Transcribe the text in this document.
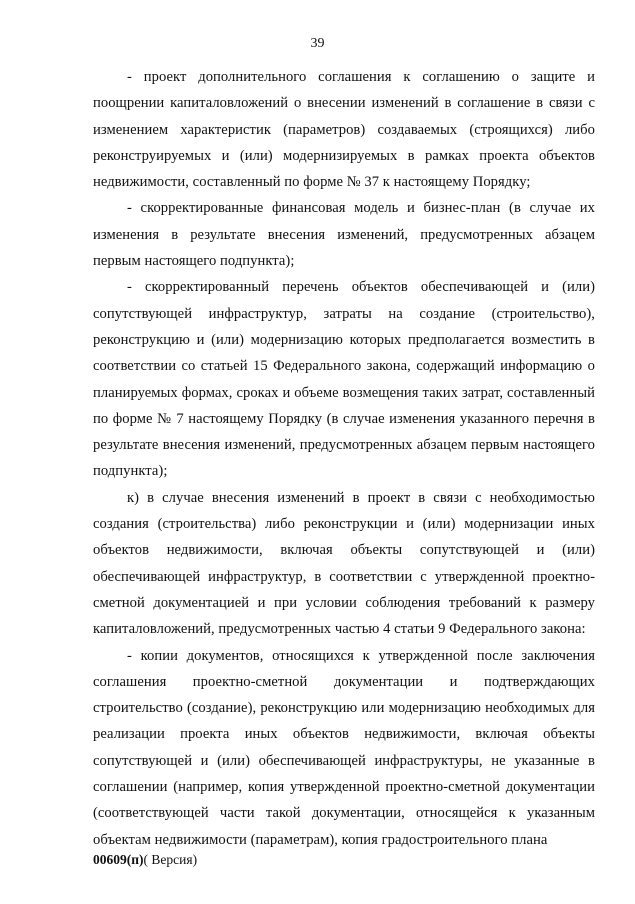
39

- проект дополнительного соглашения к соглашению о защите и поощрении капиталовложений о внесении изменений в соглашение в связи с изменением характеристик (параметров) создаваемых (строящихся) либо реконструируемых и (или) модернизируемых в рамках проекта объектов недвижимости, составленный по форме № 37 к настоящему Порядку;

- скорректированные финансовая модель и бизнес-план (в случае их изменения в результате внесения изменений, предусмотренных абзацем первым настоящего подпункта);

- скорректированный перечень объектов обеспечивающей и (или) сопутствующей инфраструктур, затраты на создание (строительство), реконструкцию и (или) модернизацию которых предполагается возместить в соответствии со статьей 15 Федерального закона, содержащий информацию о планируемых формах, сроках и объеме возмещения таких затрат, составленный по форме № 7 настоящему Порядку (в случае изменения указанного перечня в результате внесения изменений, предусмотренных абзацем первым настоящего подпункта);

к) в случае внесения изменений в проект в связи с необходимостью создания (строительства) либо реконструкции и (или) модернизации иных объектов недвижимости, включая объекты сопутствующей и (или) обеспечивающей инфраструктур, в соответствии с утвержденной проектно-сметной документацией и при условии соблюдения требований к размеру капиталовложений, предусмотренных частью 4 статьи 9 Федерального закона:

- копии документов, относящихся к утвержденной после заключения соглашения проектно-сметной документации и подтверждающих строительство (создание), реконструкцию или модернизацию необходимых для реализации проекта иных объектов недвижимости, включая объекты сопутствующей и (или) обеспечивающей инфраструктуры, не указанные в соглашении (например, копия утвержденной проектно-сметной документации (соответствующей части такой документации, относящейся к указанным объектам недвижимости (параметрам), копия градостроительного плана

00609(п)( Версия)
